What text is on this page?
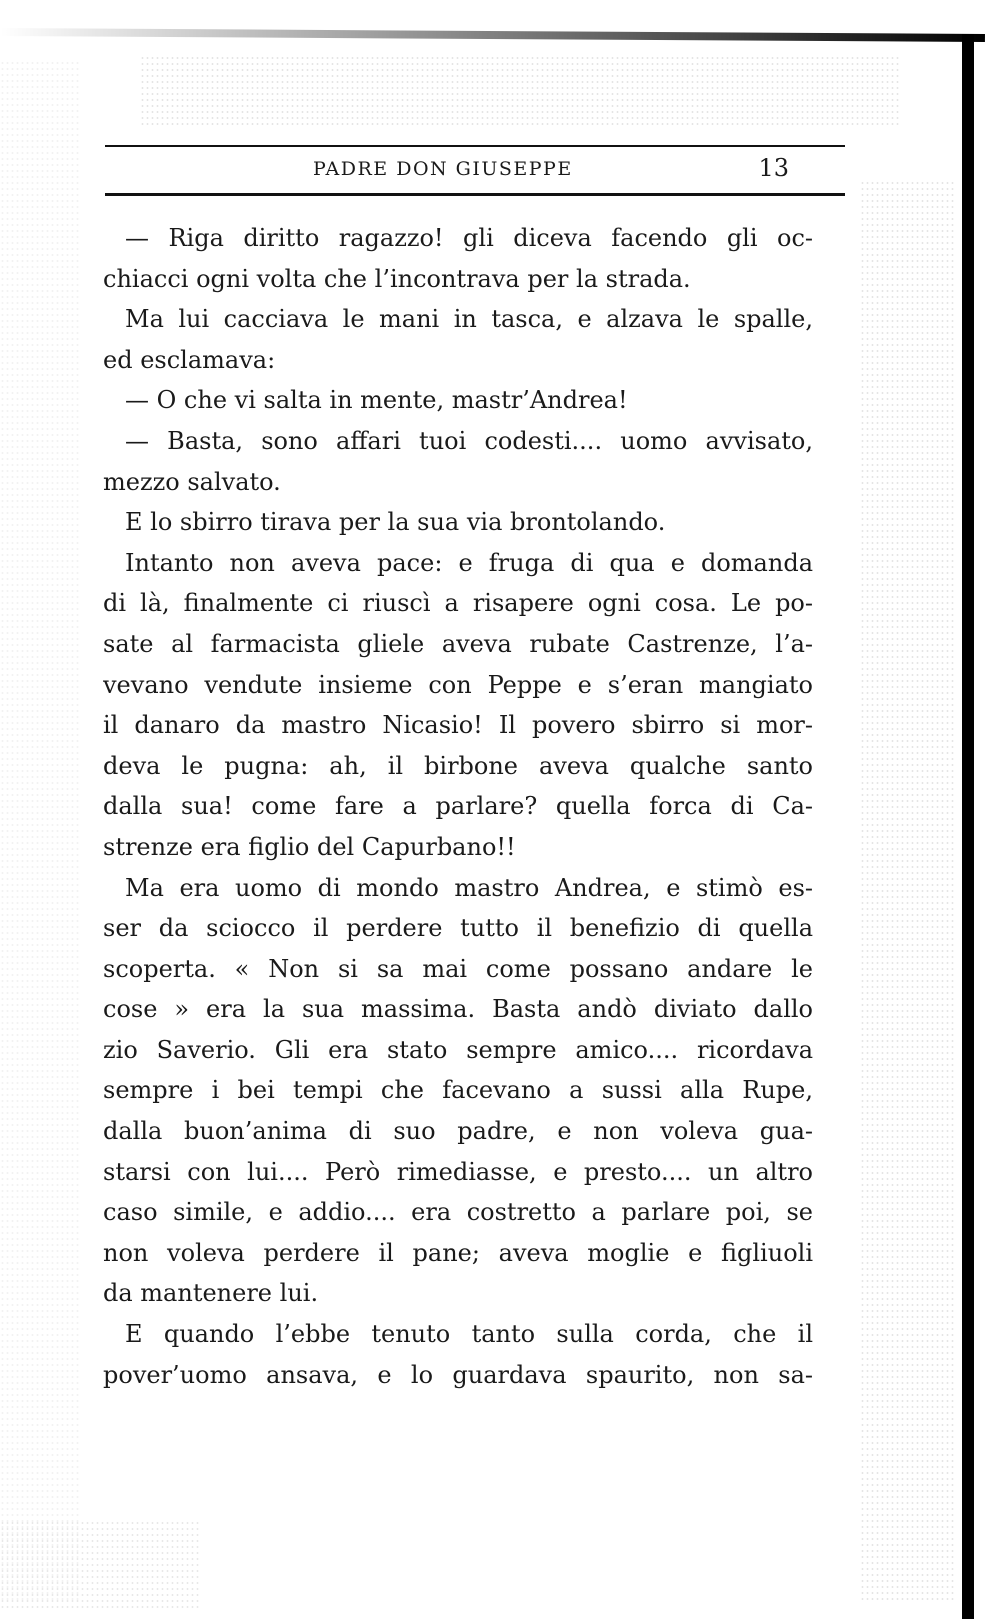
PADRE DON GIUSEPPE	13
— Riga diritto ragazzo! gli diceva facendo gli oc-
chiacci ogni volta che l’incontrava per la strada.
Ma lui cacciava le mani in tasca, e alzava le spalle,
ed esclamava:
— O che vi salta in mente, mastr’Andrea!
— Basta, sono affari tuoi codesti.... uomo avvisato,
mezzo salvato.
E lo sbirro tirava per la sua via brontolando.
Intanto non aveva pace: e fruga di qua e domanda
di là, finalmente ci riuscì a risapere ogni cosa. Le po-
sate al farmacista gliele aveva rubate Castrenze, l’a-
vevano vendute insieme con Peppe e s’eran mangiato
il danaro da mastro Nicasio! Il povero sbirro si mor-
deva le pugna: ah, il birbone aveva qualche santo
dalla sua! come fare a parlare? quella forca di Ca-
strenze era figlio del Capurbano!!
Ma era uomo di mondo mastro Andrea, e stimò es-
ser da sciocco il perdere tutto il benefizio di quella
scoperta. « Non si sa mai come possano andare le
cose » era la sua massima. Basta andò diviato dallo
zio Saverio. Gli era stato sempre amico.... ricordava
sempre i bei tempi che facevano a sussi alla Rupe,
dalla buon’anima di suo padre, e non voleva gua-
starsi con lui.... Però rimediasse, e presto.... un altro
caso simile, e addio.... era costretto a parlare poi, se
non voleva perdere il pane; aveva moglie e figliuoli
da mantenere lui.
E quando l’ebbe tenuto tanto sulla corda, che il
pover’uomo ansava, e lo guardava spaurito, non sa-
